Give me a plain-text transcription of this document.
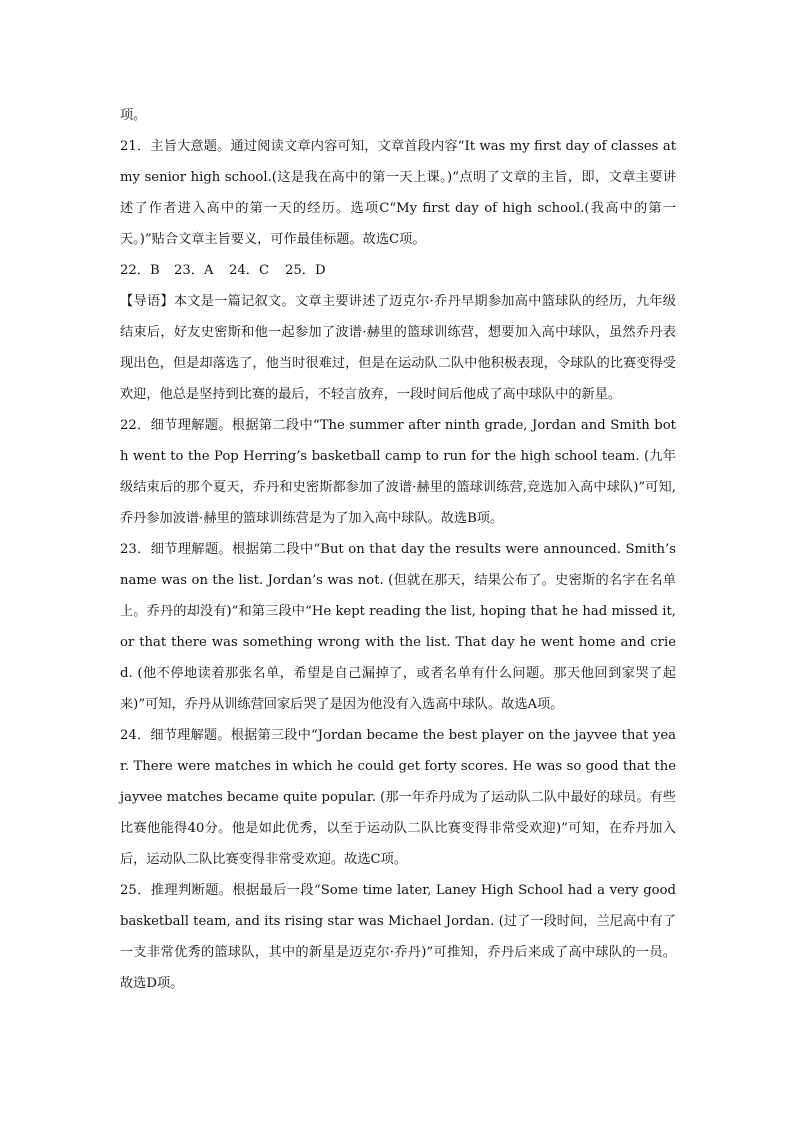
项。

21．主旨大意题。通过阅读文章内容可知，文章首段内容“It was my first day of classes at my senior high school.(这是我在高中的第一天上课。)”点明了文章的主旨，即，文章主要讲述了作者进入高中的第一天的经历。选项C“My first day of high school.(我高中的第一天。)”贴合文章主旨要义，可作最佳标题。故选C项。

22．B 23．A 24．C 25．D

【导语】本文是一篇记叙文。文章主要讲述了迈克尔·乔丹早期参加高中篮球队的经历，九年级结束后，好友史密斯和他一起参加了波谱·赫里的篮球训练营，想要加入高中球队，虽然乔丹表现出色，但是却落选了，他当时很难过，但是在运动队二队中他积极表现，令球队的比赛变得受欢迎，他总是坚持到比赛的最后，不轻言放弃，一段时间后他成了高中球队中的新星。

22．细节理解题。根据第二段中“The summer after ninth grade, Jordan and Smith both went to the Pop Herring’s basketball camp to run for the high school team. (九年级结束后的那个夏天，乔丹和史密斯都参加了波谱·赫里的篮球训练营,竞选加入高中球队)”可知,乔丹参加波谱·赫里的篮球训练营是为了加入高中球队。故选B项。

23．细节理解题。根据第二段中“But on that day the results were announced. Smith’s name was on the list. Jordan’s was not. (但就在那天，结果公布了。史密斯的名字在名单上。乔丹的却没有)”和第三段中“He kept reading the list, hoping that he had missed it, or that there was something wrong with the list. That day he went home and cried. (他不停地读着那张名单，希望是自己漏掉了，或者名单有什么问题。那天他回到家哭了起来)”可知，乔丹从训练营回家后哭了是因为他没有入选高中球队。故选A项。

24．细节理解题。根据第三段中“Jordan became the best player on the jayvee that year. There were matches in which he could get forty scores. He was so good that the jayvee matches became quite popular. (那一年乔丹成为了运动队二队中最好的球员。有些比赛他能得40分。他是如此优秀，以至于运动队二队比赛变得非常受欢迎)”可知，在乔丹加入后，运动队二队比赛变得非常受欢迎。故选C项。

25．推理判断题。根据最后一段“Some time later, Laney High School had a very good basketball team, and its rising star was Michael Jordan. (过了一段时间，兰尼高中有了一支非常优秀的篮球队，其中的新星是迈克尔·乔丹)”可推知，乔丹后来成了高中球队的一员。故选D项。
